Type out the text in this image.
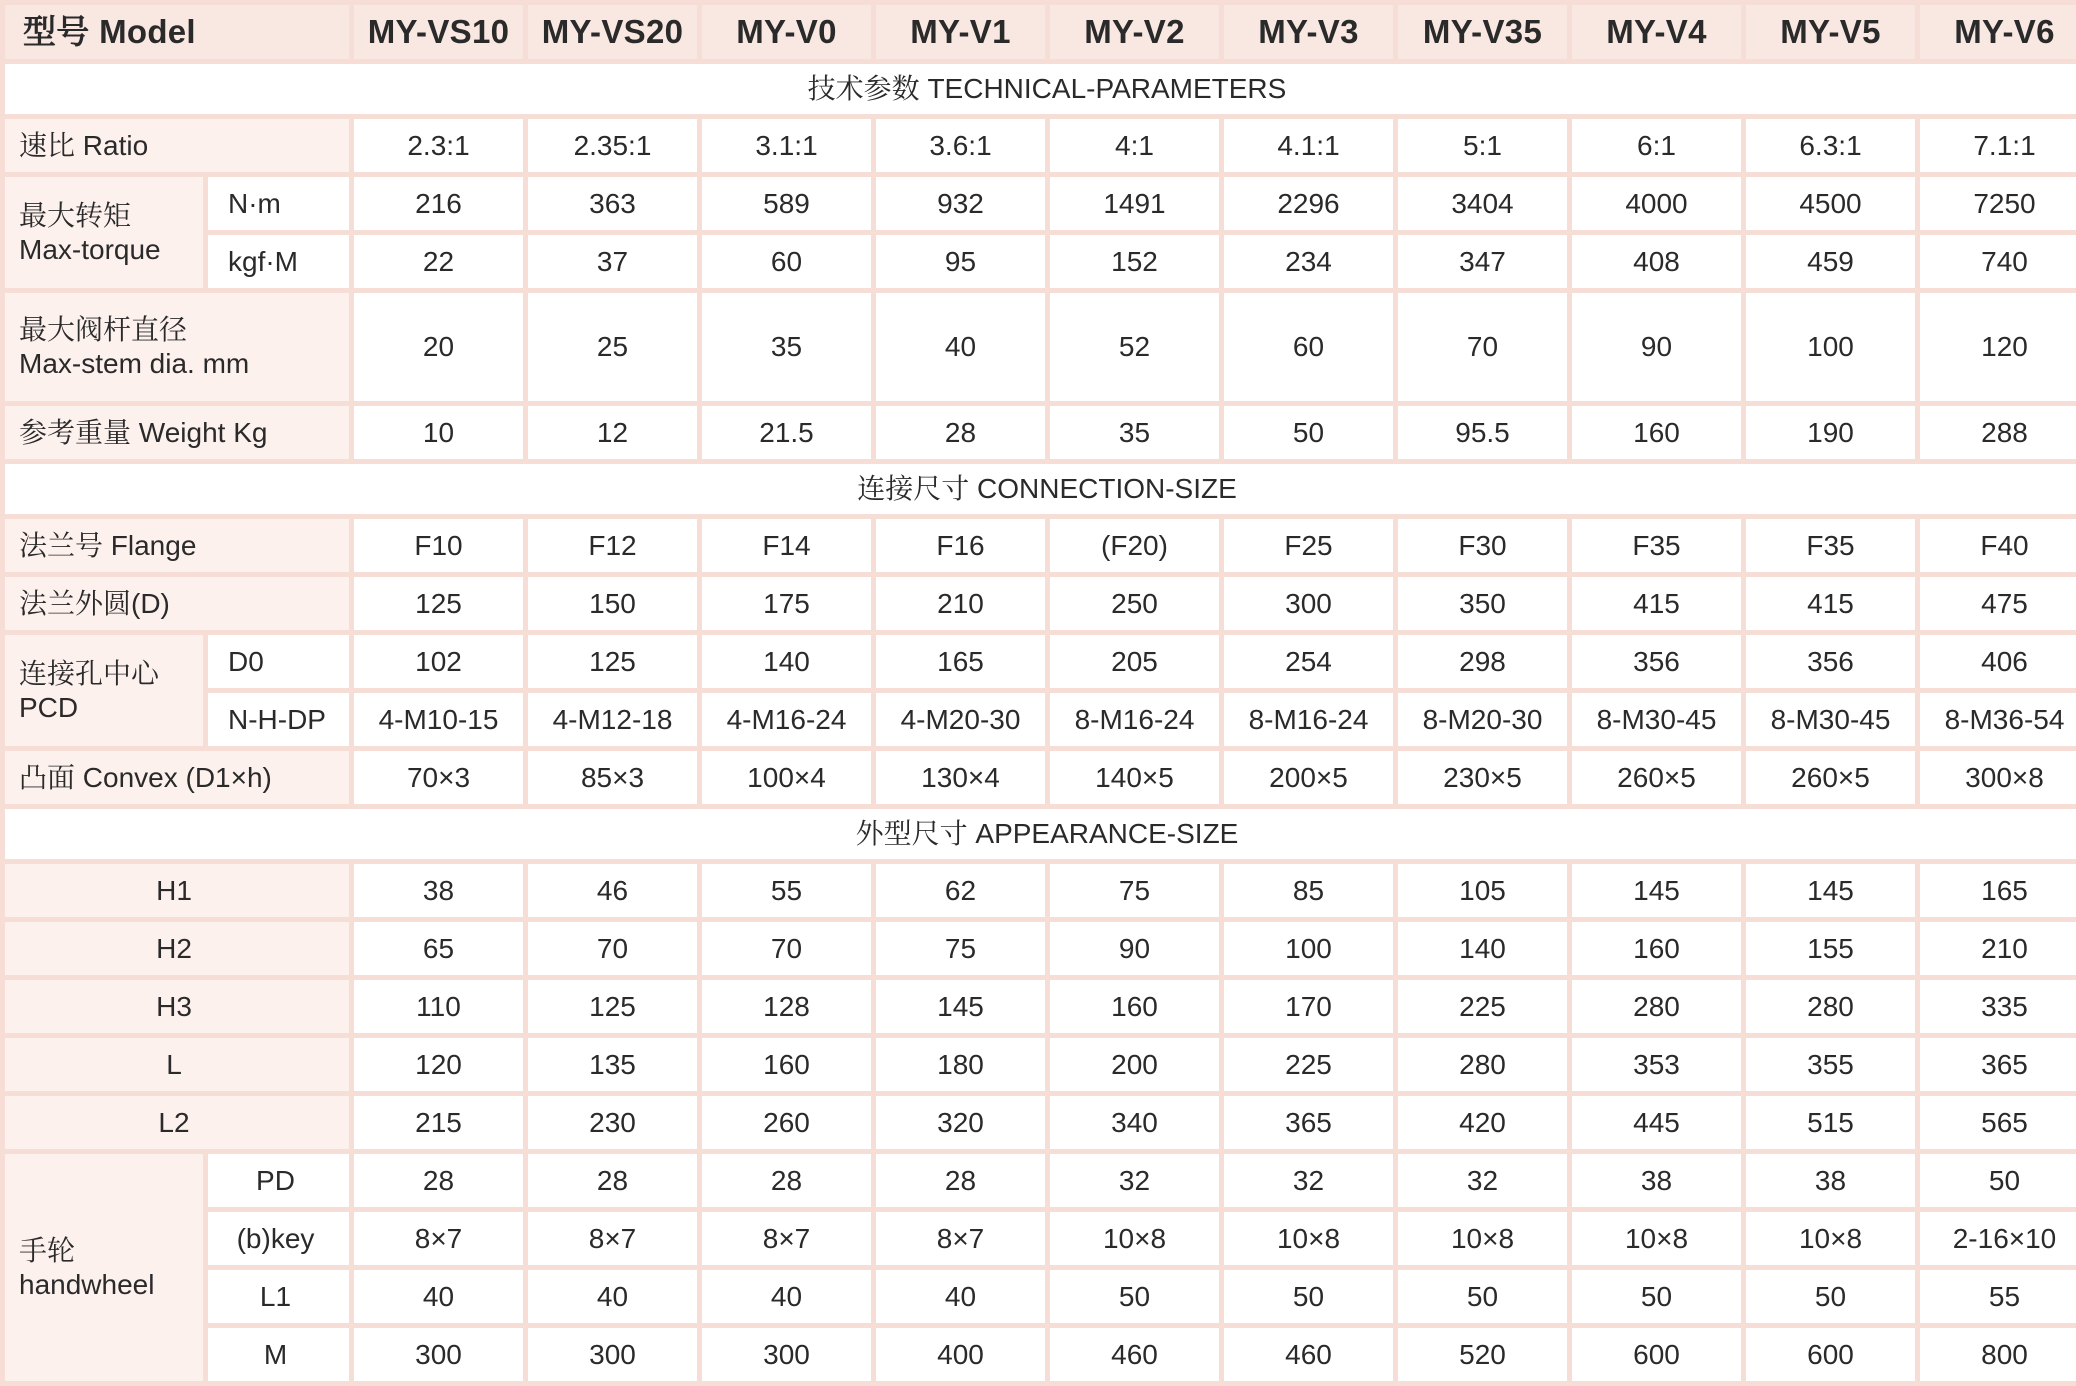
型号 Model		MY-VS10	MY-VS20	MY-V0	MY-V1	MY-V2	MY-V3	MY-V35	MY-V4	MY-V5	MY-V6
技术参数 TECHNICAL-PARAMETERS											
速比 Ratio		2.3:1	2.35:1	3.1:1	3.6:1	4:1	4.1:1	5:1	6:1	6.3:1	7.1:1

最大转矩
Max-torque	N·m	216	363	589	932	1491	2296	3404	4000	4500	7250
	kgf·M	22	37	60	95	152	234	347	408	459	740

最大阀杆直径
Max-stem dia. mm		20	25	35	40	52	60	70	90	100	120
参考重量 Weight Kg		10	12	21.5	28	35	50	95.5	160	190	288
连接尺寸 CONNECTION-SIZE											
法兰号 Flange		F10	F12	F14	F16	(F20)	F25	F30	F35	F35	F40
法兰外圆(D)		125	150	175	210	250	300	350	415	415	475

连接孔中心
PCD	D0	102	125	140	165	205	254	298	356	356	406
	N-H-DP	4-M10-15	4-M12-18	4-M16-24	4-M20-30	8-M16-24	8-M16-24	8-M20-30	8-M30-45	8-M30-45	8-M36-54
凸面 Convex (D1×h)		70×3	85×3	100×4	130×4	140×5	200×5	230×5	260×5	260×5	300×8
外型尺寸 APPEARANCE-SIZE											
H1		38	46	55	62	75	85	105	145	145	165
H2		65	70	70	75	90	100	140	160	155	210
H3		110	125	128	145	160	170	225	280	280	335
L		120	135	160	180	200	225	280	353	355	365
L2		215	230	260	320	340	365	420	445	515	565

手轮
handwheel	PD	28	28	28	28	32	32	32	38	38	50
	(b)key	8×7	8×7	8×7	8×7	10×8	10×8	10×8	10×8	10×8	2-16×10
	L1	40	40	40	40	50	50	50	50	50	55
	M	300	300	300	400	460	460	520	600	600	800
